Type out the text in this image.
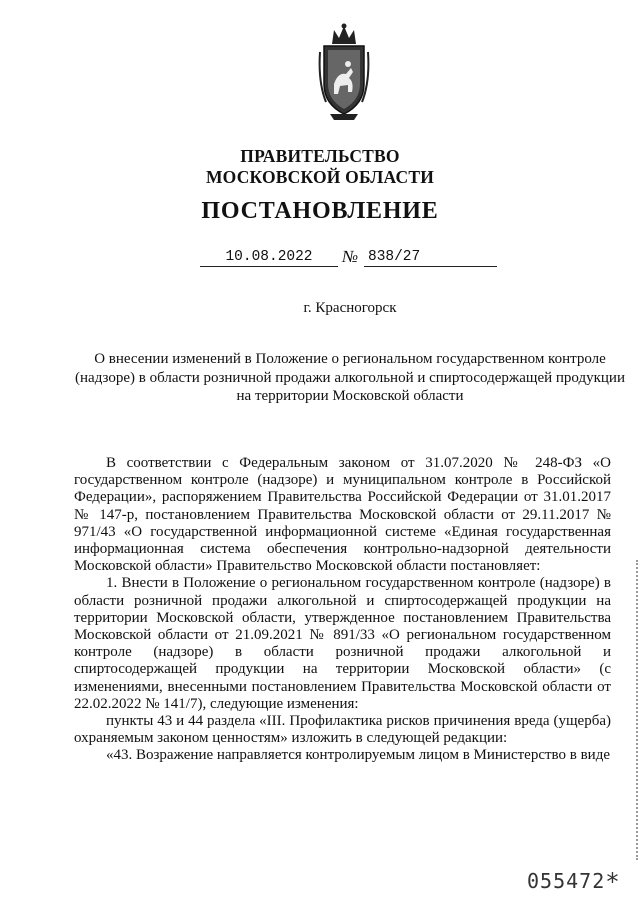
ПРАВИТЕЛЬСТВО
МОСКОВСКОЙ ОБЛАСТИ
ПОСТАНОВЛЕНИЕ
10.08.2022	№ 838/27
г. Красногорск
О внесении изменений в Положение о региональном государственном контроле (надзоре) в области розничной продажи алкогольной и спиртосодержащей продукции на территории Московской области

В соответствии с Федеральным законом от 31.07.2020 № 248-ФЗ «О государственном контроле (надзоре) и муниципальном контроле в Российской Федерации», распоряжением Правительства Российской Федерации от 31.01.2017 № 147-р, постановлением Правительства Московской области от 29.11.2017 № 971/43 «О государственной информационной системе «Единая государственная информационная система обеспечения контрольно-надзорной деятельности Московской области» Правительство Московской области постановляет:

1. Внести в Положение о региональном государственном контроле (надзоре) в области розничной продажи алкогольной и спиртосодержащей продукции на территории Московской области, утвержденное постановлением Правительства Московской области от 21.09.2021 № 891/33 «О региональном государственном контроле (надзоре) в области розничной продажи алкогольной и спиртосодержащей продукции на территории Московской области» (с изменениями, внесенными постановлением Правительства Московской области от 22.02.2022 № 141/7), следующие изменения:

пункты 43 и 44 раздела «III. Профилактика рисков причинения вреда (ущерба) охраняемым законом ценностям» изложить в следующей редакции:

«43. Возражение направляется контролируемым лицом в Министерство в виде

055472*
